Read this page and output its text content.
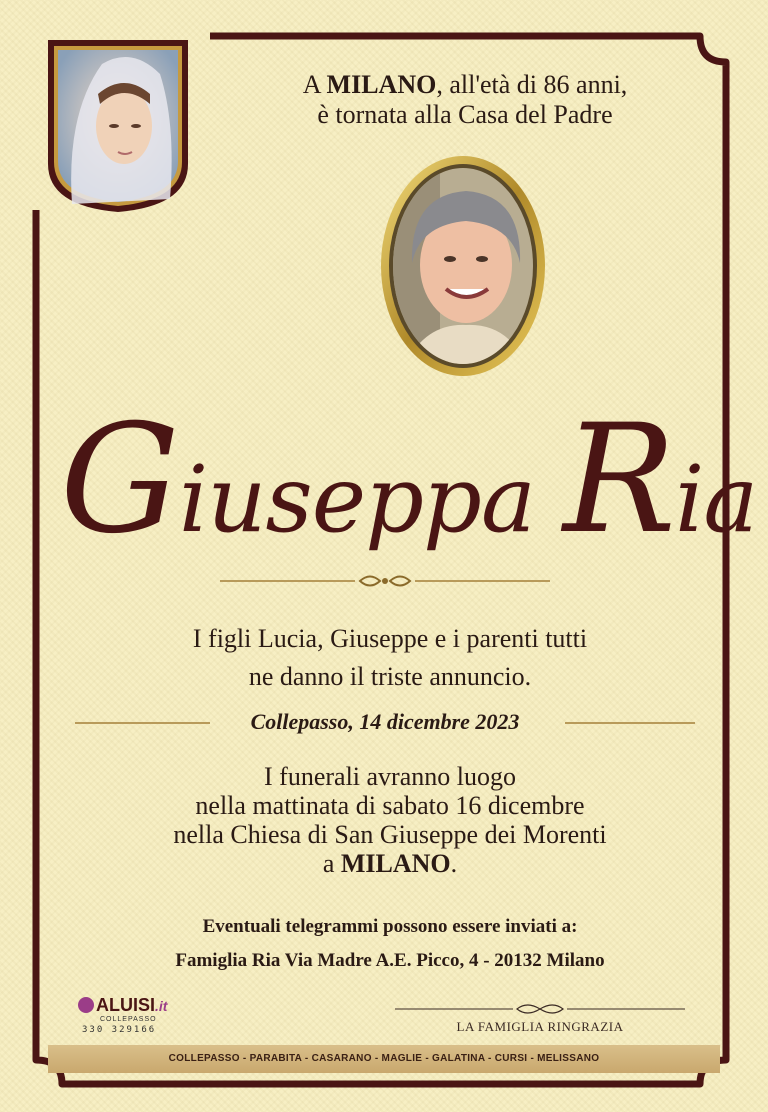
A MILANO, all'età di 86 anni,
è tornata alla Casa del Padre
Giuseppa Ria
I figli Lucia, Giuseppe e i parenti tutti
ne danno il triste annuncio.
Collepasso, 14 dicembre 2023
I funerali avranno luogo
nella mattinata di sabato 16 dicembre
nella Chiesa di San Giuseppe dei Morenti
a MILANO.
Eventuali telegrammi possono essere inviati a:
Famiglia Ria Via Madre A.E. Picco, 4 - 20132 Milano
ALUISI.it
COLLEPASSO
330 329166	LA FAMIGLIA RINGRAZIA
COLLEPASSO - PARABITA - CASARANO - MAGLIE - GALATINA - CURSI - MELISSANO
